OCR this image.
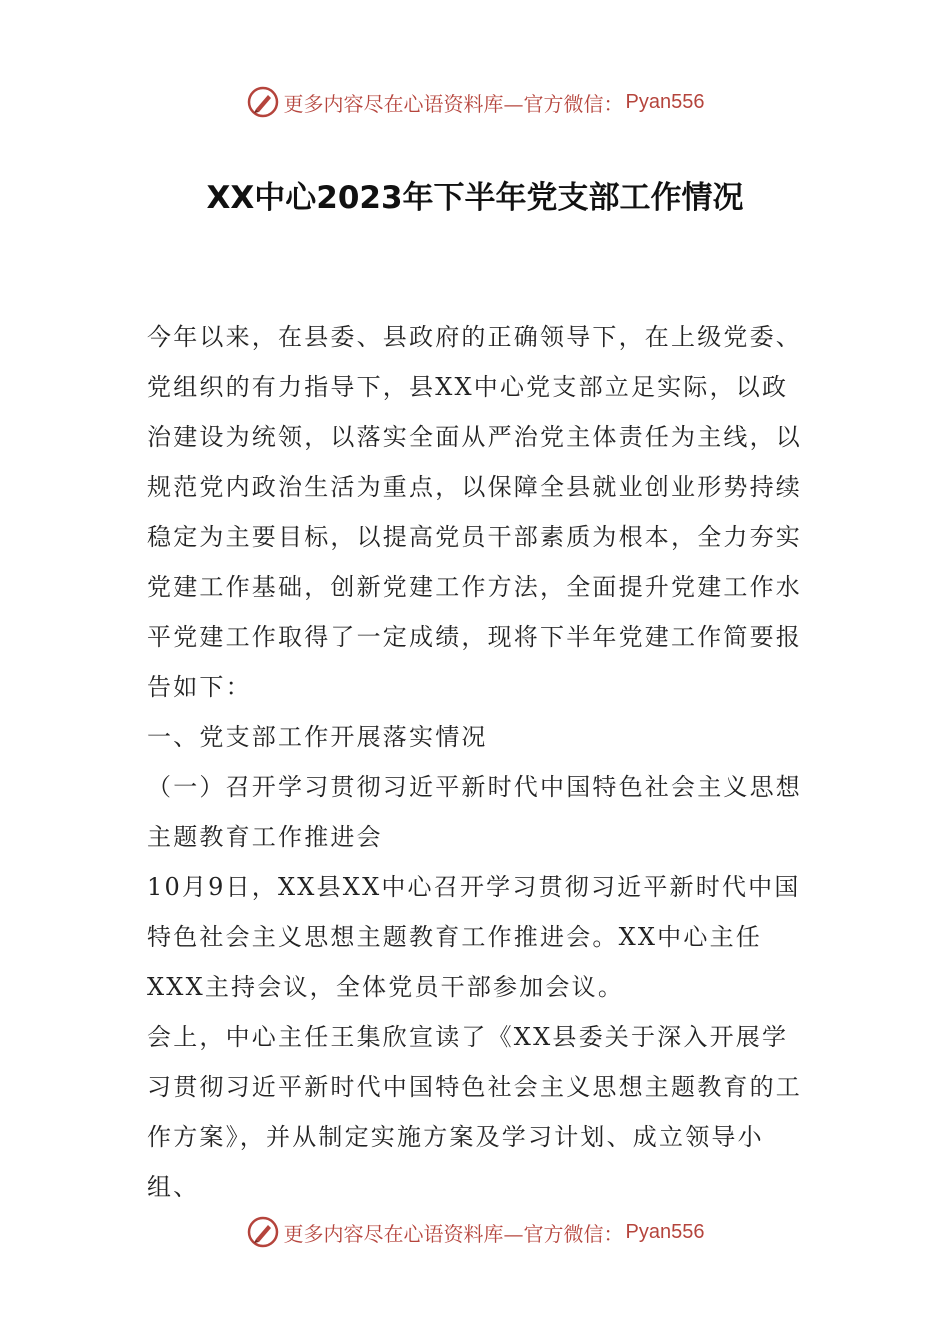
更多内容尽在心语资料库—官方微信： Pyan556
XX中心2023年下半年党支部工作情况

今年以来，在县委、县政府的正确领导下，在上级党委、党组织的有力指导下，县XX中心党支部立足实际，以政治建设为统领，以落实全面从严治党主体责任为主线，以规范党内政治生活为重点，以保障全县就业创业形势持续稳定为主要目标，以提高党员干部素质为根本，全力夯实党建工作基础，创新党建工作方法，全面提升党建工作水平党建工作取得了一定成绩，现将下半年党建工作简要报告如下：

一、党支部工作开展落实情况

（一）召开学习贯彻习近平新时代中国特色社会主义思想主题教育工作推进会

10月9日，XX县XX中心召开学习贯彻习近平新时代中国特色社会主义思想主题教育工作推进会。XX中心主任XXX主持会议，全体党员干部参加会议。

会上，中心主任王集欣宣读了《XX县委关于深入开展学习贯彻习近平新时代中国特色社会主义思想主题教育的工作方案》，并从制定实施方案及学习计划、成立领导小组、

更多内容尽在心语资料库—官方微信： Pyan556
